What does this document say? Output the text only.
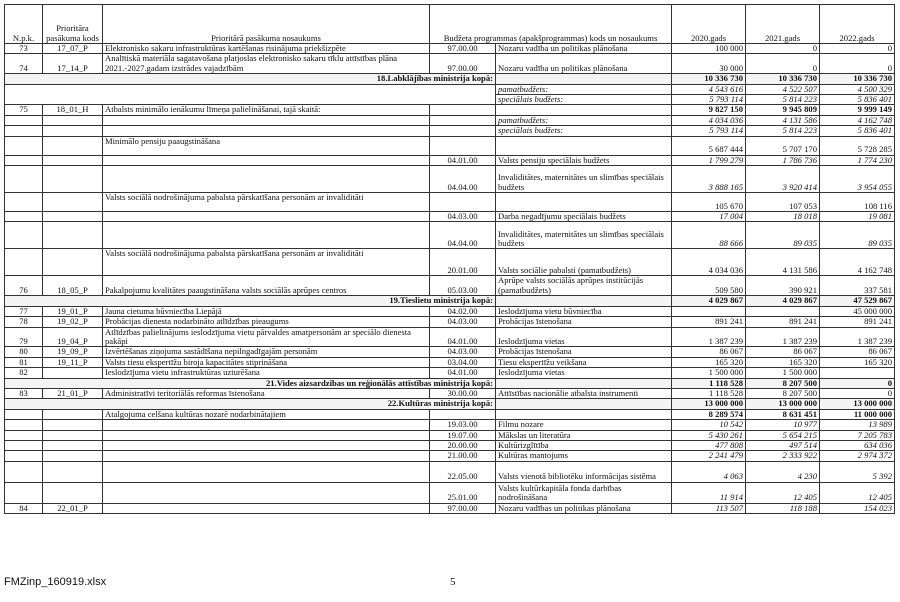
N.p.k.	Prioritāra pasākuma kods	Prioritārā pasākuma nosaukums	Budžeta programmas (apakšprogrammas) kods un nosaukums		2020.gads	2021.gads	2022.gads
73	17_07_P	Elektronisko sakaru infrastruktūras kartēšanas risinājuma priekšizpēte	97.00.00	Nozaru vadība un politikas plānošana	100 000	0	0
74	17_14_P	Analītiskā materiāla sagatavošana platjoslas elektronisko sakaru tīklu attīstības plāna 2021.-2027.gadam izstrādes vajadzībām	97.00.00	Nozaru vadība un politikas plānošana	30 000	0	0
18.Labklājības ministrija kopā:					10 336 730	10 336 730	10 336 730
				pamatbudžets:	4 543 616	4 522 507	4 500 329
				speciālais budžets:	5 793 114	5 814 223	5 836 401
75	18_01_H	Atbalsts minimālo ienākumu līmeņa palielināšanai, tajā skaitā:			9 827 150	9 945 809	9 999 149
				pamatbudžets:	4 034 036	4 131 586	4 162 748
				speciālais budžets:	5 793 114	5 814 223	5 836 401
		Minimālo pensiju paaugstināšana			5 687 444	5 707 170	5 728 285
			04.01.00	Valsts pensiju speciālais budžets	1 799 279	1 786 736	1 774 230
			04.04.00	Invaliditātes, maternitātes un slimības speciālais budžets	3 888 165	3 920 414	3 954 055
		Valsts sociālā nodrošinājuma pabalsta pārskatīšana personām ar invaliditāti			105 670	107 053	108 116
			04.03.00	Darba negadījumu speciālais budžets	17 004	18 018	19 081
			04.04.00	Invaliditātes, maternitātes un slimības speciālais budžets	88 666	89 035	89 035
		Valsts sociālā nodrošinājuma pabalsta pārskatīšana personām ar invaliditāti	20.01.00	Valsts sociālie pabalsti (pamatbudžets)	4 034 036	4 131 586	4 162 748
76	18_05_P	Pakalpojumu kvalitātes paaugstināšana valsts sociālās aprūpes centros	05.03.00	Aprūpe valsts sociālās aprūpes institūcijās (pamatbudžets)	509 580	390 921	337 581
19.Tieslietu ministrija kopā:					4 029 867	4 029 867	47 529 867
77	19_01_P	Jauna cietuma būvniecība Liepājā	04.02.00	Ieslodzījuma vietu būvniecība			45 000 000
78	19_02_P	Probācijas dienesta nodarbināto atlīdzības pieaugums	04.03.00	Probācijas īstenošana	891 241	891 241	891 241
79	19_04_P	Atlīdzības palielinājums ieslodzījuma vietu pārvaldes amatpersonām ar speciālo dienesta pakāpi	04.01.00	Ieslodzījuma vietas	1 387 239	1 387 239	1 387 239
80	19_09_P	Izvērtēšanas ziņojuma sastādīšana nepilngadīgajām personām	04.03.00	Probācijas īstenošana	86 067	86 067	86 067
81	19_11_P	Valsts tiesu ekspertīžu biroja kapacitātes stiprināšana	03.04.00	Tiesu ekspertīžu veikšana	165 320	165 320	165 320
82		Ieslodzījuma vietu infrastruktūras uzturēšana	04.01.00	Ieslodzījuma vietas	1 500 000	1 500 000	
21.Vides aizsardzības un reģionālās attīstības ministrija kopā:					1 118 528	8 207 500	0
83	21_01_P	Administratīvi teritoriālās reformas īstenošana	30.00.00	Attīstības nacionālie atbalsta instrumenti	1 118 528	8 207 500	0
22.Kultūras ministrija kopā:					13 000 000	13 000 000	13 000 000
		Atalgojuma celšana kultūras nozarē nodarbinātajiem			8 289 574	8 631 451	11 000 000
			19.03.00	Filmu nozare	10 542	10 977	13 989
			19.07.00	Mākslas un literatūra	5 430 261	5 654 215	7 205 783
			20.00.00	Kultūrizglītība	477 808	497 514	634 036
			21.00.00	Kultūras mantojums	2 241 479	2 333 922	2 974 372
			22.05.00	Valsts vienotā bibliotēku informācijas sistēma	4 063	4 230	5 392
			25.01.00	Valsts kultūrkapitāla fonda darbības nodrošināšana	11 914	12 405	12 405
84	22_01_P		97.00.00	Nozaru vadības un politikas plānošana	113 507	118 188	154 023
FMZinp_160919.xlsx	5
